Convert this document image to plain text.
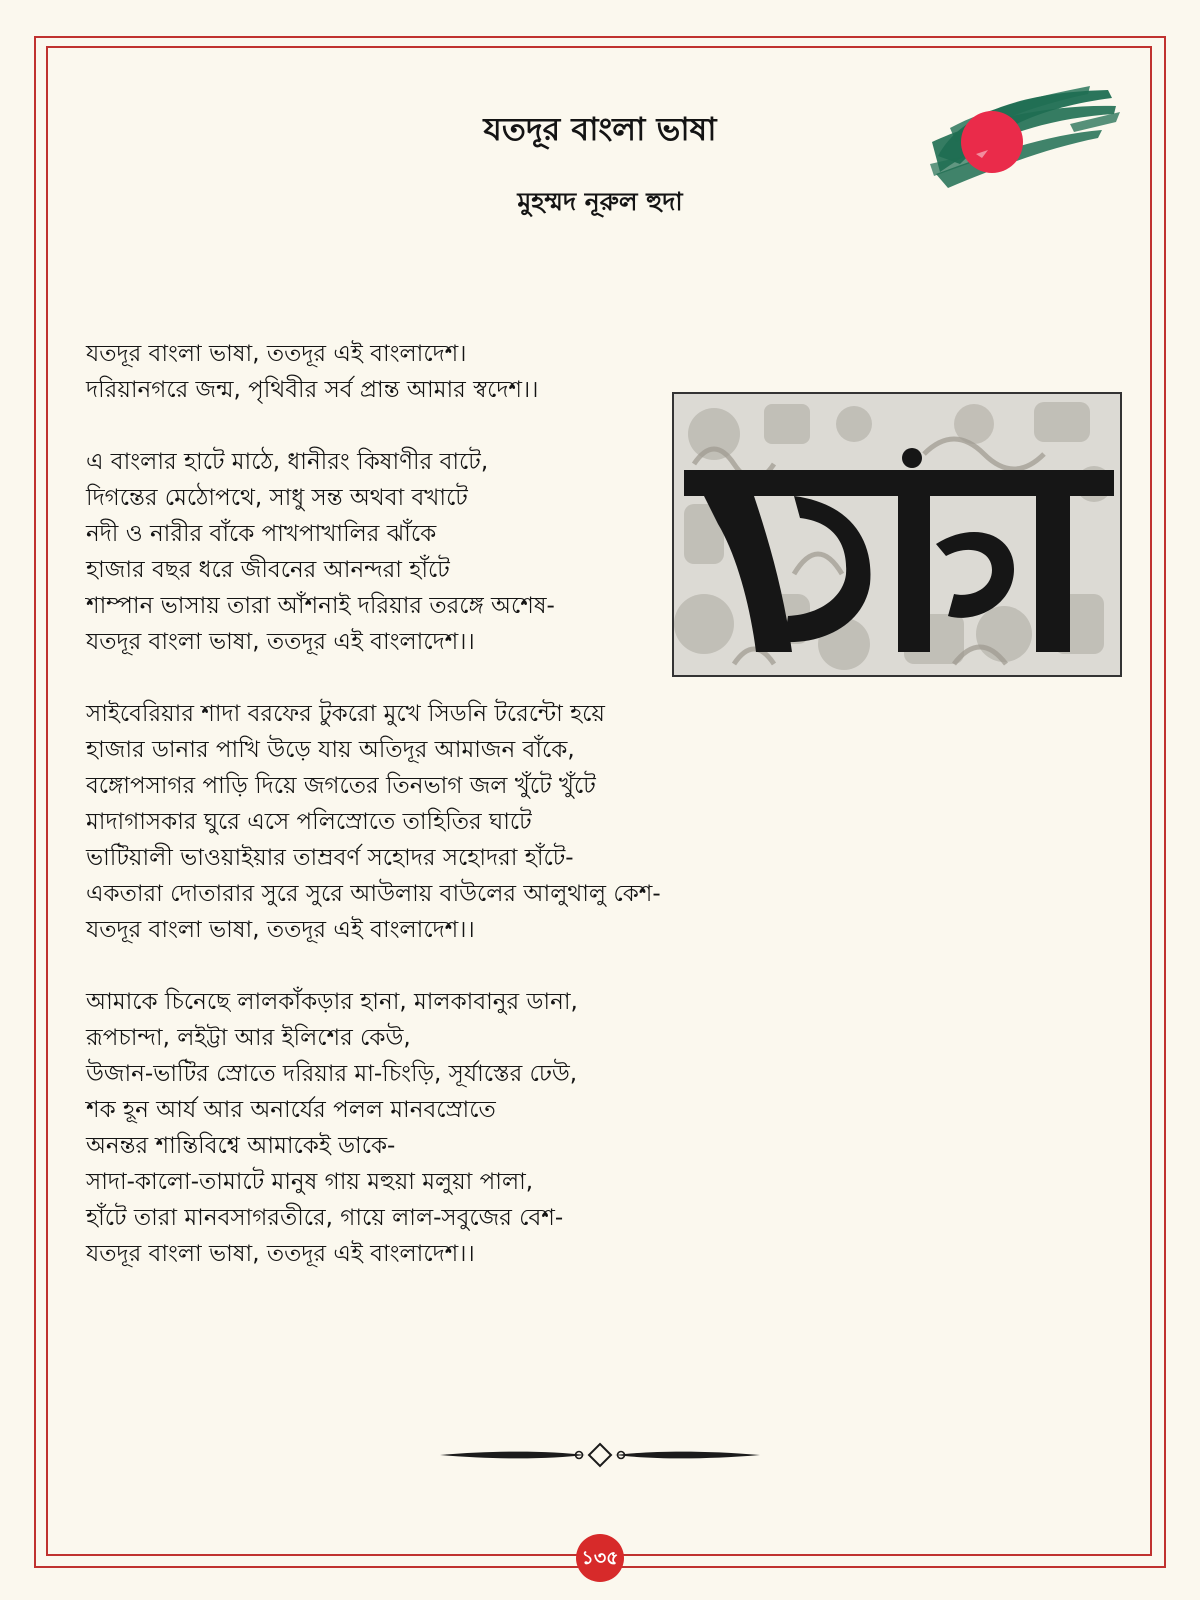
যতদূর বাংলা ভাষা
মুহম্মদ নূরুল হুদা
যতদূর বাংলা ভাষা, ততদূর এই বাংলাদেশ।
দরিয়ানগরে জন্ম, পৃথিবীর সর্ব প্রান্ত আমার স্বদেশ।।
এ বাংলার হাটে মাঠে, ধানীরং কিষাণীর বাটে,
দিগন্তের মেঠোপথে, সাধু সন্ত অথবা বখাটে
নদী ও নারীর বাঁকে পাখপাখালির ঝাঁকে
হাজার বছর ধরে জীবনের আনন্দরা হাঁটে
শাম্পান ভাসায় তারা আঁশনাই দরিয়ার তরঙ্গে অশেষ-
যতদূর বাংলা ভাষা, ততদূর এই বাংলাদেশ।।
সাইবেরিয়ার শাদা বরফের টুকরো মুখে সিডনি টরেন্টো হয়ে
হাজার ডানার পাখি উড়ে যায় অতিদূর আমাজন বাঁকে,
বঙ্গোপসাগর পাড়ি দিয়ে জগতের তিনভাগ জল খুঁটে খুঁটে
মাদাগাসকার ঘুরে এসে পলিস্রোতে তাহিতির ঘাটে
ভাটিয়ালী ভাওয়াইয়ার তাম্রবর্ণ সহোদর সহোদরা হাঁটে-
একতারা দোতারার সুরে সুরে আউলায় বাউলের আলুথালু কেশ-
যতদূর বাংলা ভাষা, ততদূর এই বাংলাদেশ।।
আমাকে চিনেছে লালকাঁকড়ার হানা, মালকাবানুর ডানা,
রূপচান্দা, লইট্টা আর ইলিশের কেউ,
উজান-ভাটির স্রোতে দরিয়ার মা-চিংড়ি, সূর্যাস্তের ঢেউ,
শক হূন আর্য আর অনার্যের পলল মানবস্রোতে
অনন্তর শান্তিবিশ্বে আমাকেই ডাকে-
সাদা-কালো-তামাটে মানুষ গায় মহুয়া মলুয়া পালা,
হাঁটে তারা মানবসাগরতীরে, গায়ে লাল-সবুজের বেশ-
যতদূর বাংলা ভাষা, ততদূর এই বাংলাদেশ।।
১৩৫
